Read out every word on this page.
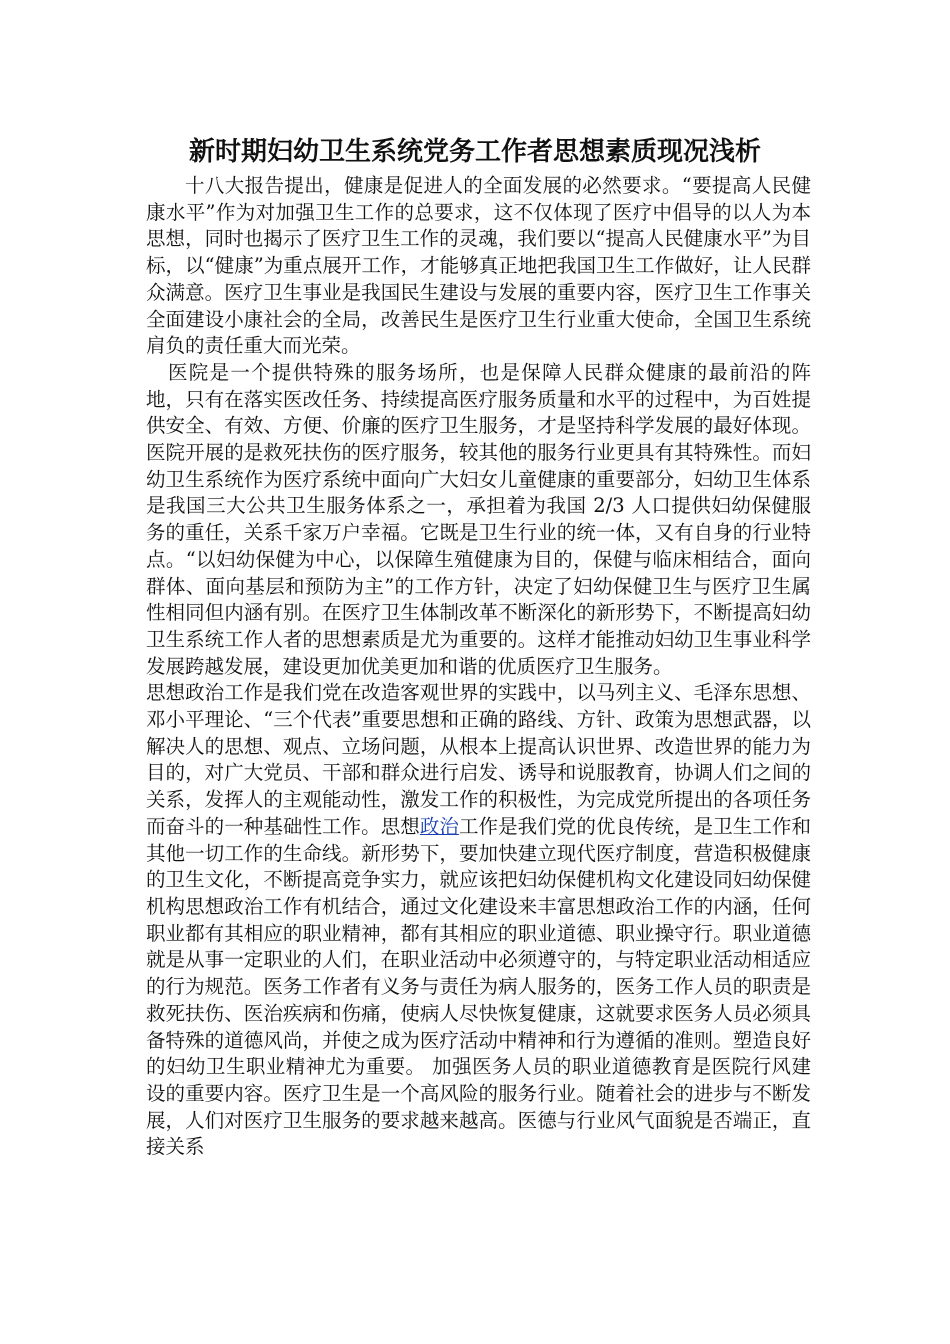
新时期妇幼卫生系统党务工作者思想素质现况浅析

十八大报告提出，健康是促进人的全面发展的必然要求。“要提高人民健康水平”作为对加强卫生工作的总要求，这不仅体现了医疗中倡导的以人为本思想，同时也揭示了医疗卫生工作的灵魂，我们要以“提高人民健康水平”为目标，以“健康”为重点展开工作，才能够真正地把我国卫生工作做好，让人民群众满意。医疗卫生事业是我国民生建设与发展的重要内容，医疗卫生工作事关全面建设小康社会的全局，改善民生是医疗卫生行业重大使命，全国卫生系统肩负的责任重大而光荣。

医院是一个提供特殊的服务场所，也是保障人民群众健康的最前沿的阵地，只有在落实医改任务、持续提高医疗服务质量和水平的过程中，为百姓提供安全、有效、方便、价廉的医疗卫生服务，才是坚持科学发展的最好体现。医院开展的是救死扶伤的医疗服务，较其他的服务行业更具有其特殊性。而妇幼卫生系统作为医疗系统中面向广大妇女儿童健康的重要部分，妇幼卫生体系是我国三大公共卫生服务体系之一，承担着为我国 2/3 人口提供妇幼保健服务的重任，关系千家万户幸福。它既是卫生行业的统一体，又有自身的行业特点。“以妇幼保健为中心，以保障生殖健康为目的，保健与临床相结合，面向群体、面向基层和预防为主”的工作方针，决定了妇幼保健卫生与医疗卫生属性相同但内涵有别。在医疗卫生体制改革不断深化的新形势下，不断提高妇幼卫生系统工作人者的思想素质是尤为重要的。这样才能推动妇幼卫生事业科学发展跨越发展，建设更加优美更加和谐的优质医疗卫生服务。

思想政治工作是我们党在改造客观世界的实践中，以马列主义、毛泽东思想、邓小平理论、“三个代表”重要思想和正确的路线、方针、政策为思想武器，以解决人的思想、观点、立场问题，从根本上提高认识世界、改造世界的能力为目的，对广大党员、干部和群众进行启发、诱导和说服教育，协调人们之间的关系，发挥人的主观能动性，激发工作的积极性，为完成党所提出的各项任务而奋斗的一种基础性工作。思想政治工作是我们党的优良传统，是卫生工作和其他一切工作的生命线。新形势下，要加快建立现代医疗制度，营造积极健康的卫生文化，不断提高竞争实力，就应该把妇幼保健机构文化建设同妇幼保健机构思想政治工作有机结合，通过文化建设来丰富思想政治工作的内涵，任何职业都有其相应的职业精神，都有其相应的职业道德、职业操守行。职业道德就是从事一定职业的人们，在职业活动中必须遵守的，与特定职业活动相适应的行为规范。医务工作者有义务与责任为病人服务的，医务工作人员的职责是救死扶伤、医治疾病和伤痛，使病人尽快恢复健康，这就要求医务人员必须具备特殊的道德风尚，并使之成为医疗活动中精神和行为遵循的准则。塑造良好的妇幼卫生职业精神尤为重要。 加强医务人员的职业道德教育是医院行风建设的重要内容。医疗卫生是一个高风险的服务行业。随着社会的进步与不断发展，人们对医疗卫生服务的要求越来越高。医德与行业风气面貌是否端正，直接关系
